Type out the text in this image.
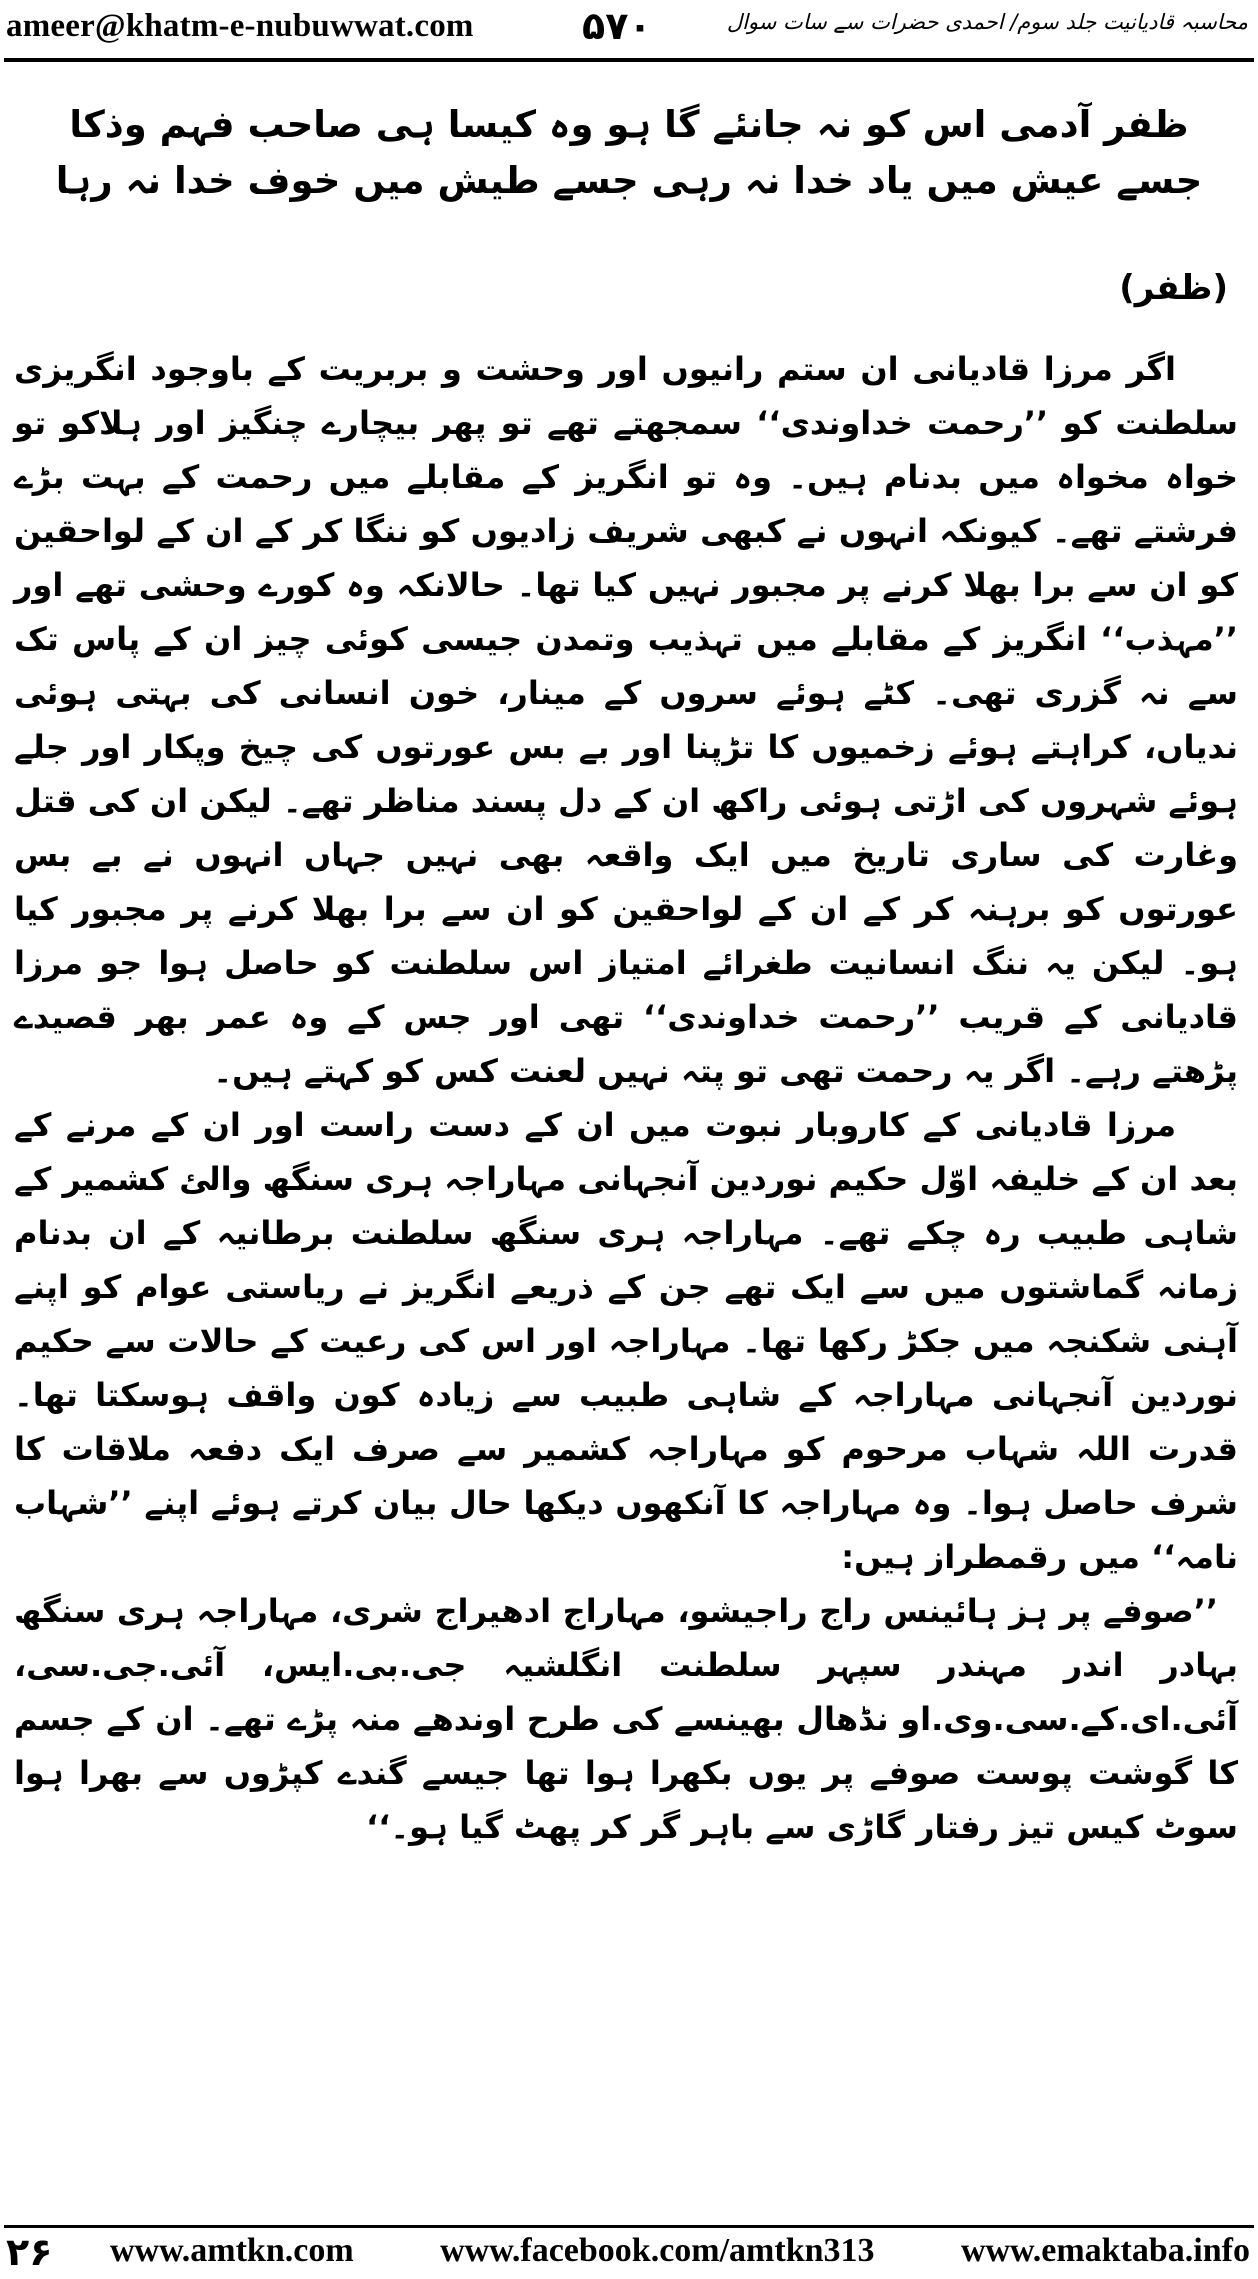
ameer@khatm-e-nubuwwat.com	۵۷۰	محاسبہ قادیانیت جلد سوم/ احمدی حضرات سے سات سوال
ظفر آدمی اس کو نہ جانئے گا ہو وہ کیسا ہی صاحب فہم وذکا
جسے عیش میں یاد خدا نہ رہی جسے طیش میں خوف خدا نہ رہا
(ظفر)

اگر مرزا قادیانی ان ستم رانیوں اور وحشت و بربریت کے باوجود انگریزی سلطنت کو ’’رحمت خداوندی‘‘ سمجھتے تھے تو پھر بیچارے چنگیز اور ہلاکو تو خواہ مخواہ میں بدنام ہیں۔ وہ تو انگریز کے مقابلے میں رحمت کے بہت بڑے فرشتے تھے۔ کیونکہ انہوں نے کبھی شریف زادیوں کو ننگا کر کے ان کے لواحقین کو ان سے برا بھلا کرنے پر مجبور نہیں کیا تھا۔ حالانکہ وہ کورے وحشی تھے اور ’’مہذب‘‘ انگریز کے مقابلے میں تہذیب وتمدن جیسی کوئی چیز ان کے پاس تک سے نہ گزری تھی۔ کٹے ہوئے سروں کے مینار، خون انسانی کی بہتی ہوئی ندیاں، کراہتے ہوئے زخمیوں کا تڑپنا اور بے بس عورتوں کی چیخ وپکار اور جلے ہوئے شہروں کی اڑتی ہوئی راکھ ان کے دل پسند مناظر تھے۔ لیکن ان کی قتل وغارت کی ساری تاریخ میں ایک واقعہ بھی نہیں جہاں انہوں نے بے بس عورتوں کو برہنہ کر کے ان کے لواحقین کو ان سے برا بھلا کرنے پر مجبور کیا ہو۔ لیکن یہ ننگ انسانیت طغرائے امتیاز اس سلطنت کو حاصل ہوا جو مرزا قادیانی کے قریب ’’رحمت خداوندی‘‘ تھی اور جس کے وہ عمر بھر قصیدے پڑھتے رہے۔ اگر یہ رحمت تھی تو پتہ نہیں لعنت کس کو کہتے ہیں۔

مرزا قادیانی کے کاروبار نبوت میں ان کے دست راست اور ان کے مرنے کے بعد ان کے خلیفہ اوّل حکیم نوردین آنجہانی مہاراجہ ہری سنگھ والئ کشمیر کے شاہی طبیب رہ چکے تھے۔ مہاراجہ ہری سنگھ سلطنت برطانیہ کے ان بدنام زمانہ گماشتوں میں سے ایک تھے جن کے ذریعے انگریز نے ریاستی عوام کو اپنے آہنی شکنجہ میں جکڑ رکھا تھا۔ مہاراجہ اور اس کی رعیت کے حالات سے حکیم نوردین آنجہانی مہاراجہ کے شاہی طبیب سے زیادہ کون واقف ہوسکتا تھا۔ قدرت اللہ شہاب مرحوم کو مہاراجہ کشمیر سے صرف ایک دفعہ ملاقات کا شرف حاصل ہوا۔ وہ مہاراجہ کا آنکھوں دیکھا حال بیان کرتے ہوئے اپنے ’’شہاب نامہ‘‘ میں رقمطراز ہیں:

’’صوفے پر ہز ہائینس راج راجیشو، مہاراج ادھیراج شری، مہاراجہ ہری سنگھ بہادر اندر مہندر سپہر سلطنت انگلشیہ جی.بی.ایس، آئی.جی.سی، آئی.ای.کے.سی.وی.او نڈھال بھینسے کی طرح اوندھے منہ پڑے تھے۔ ان کے جسم کا گوشت پوست صوفے پر یوں بکھرا ہوا تھا جیسے گندے کپڑوں سے بھرا ہوا سوٹ کیس تیز رفتار گاڑی سے باہر گر کر پھٹ گیا ہو۔‘‘

۲۶ www.amtkn.com	www.facebook.com/amtkn313	www.emaktaba.info
